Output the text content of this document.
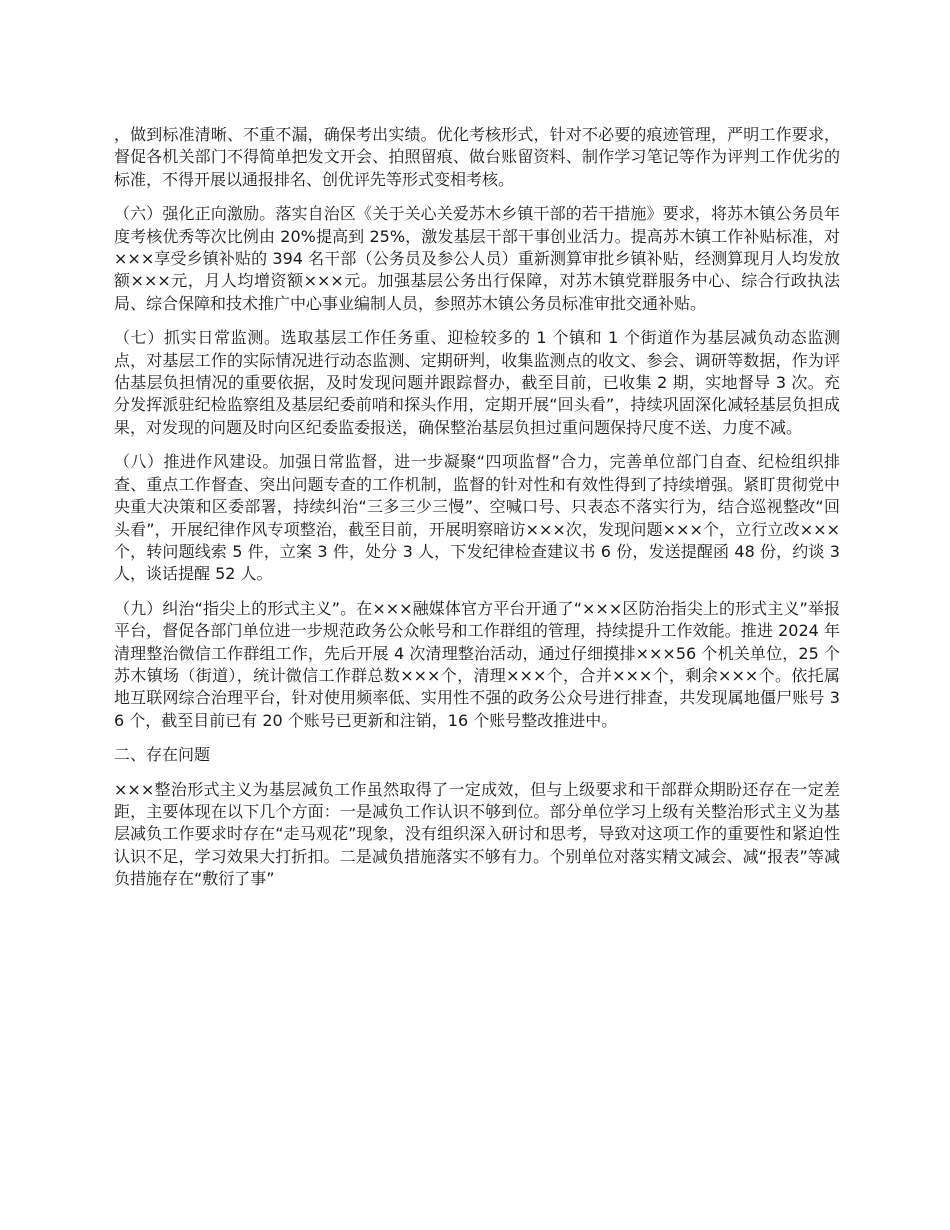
，做到标准清晰、不重不漏，确保考出实绩。优化考核形式，针对不必要的痕迹管理，严明工作要求，督促各机关部门不得简单把发文开会、拍照留痕、做台账留资料、制作学习笔记等作为评判工作优劣的标准，不得开展以通报排名、创优评先等形式变相考核。

（六）强化正向激励。落实自治区《关于关心关爱苏木乡镇干部的若干措施》要求，将苏木镇公务员年度考核优秀等次比例由 20%提高到 25%，激发基层干部干事创业活力。提高苏木镇工作补贴标准，对×××享受乡镇补贴的 394 名干部（公务员及参公人员）重新测算审批乡镇补贴，经测算现月人均发放额×××元，月人均增资额×××元。加强基层公务出行保障，对苏木镇党群服务中心、综合行政执法局、综合保障和技术推广中心事业编制人员，参照苏木镇公务员标准审批交通补贴。

（七）抓实日常监测。选取基层工作任务重、迎检较多的 1 个镇和 1 个街道作为基层减负动态监测点，对基层工作的实际情况进行动态监测、定期研判，收集监测点的收文、参会、调研等数据，作为评估基层负担情况的重要依据，及时发现问题并跟踪督办，截至目前，已收集 2 期，实地督导 3 次。充分发挥派驻纪检监察组及基层纪委前哨和探头作用，定期开展“回头看”，持续巩固深化减轻基层负担成果，对发现的问题及时向区纪委监委报送，确保整治基层负担过重问题保持尺度不送、力度不减。

（八）推进作风建设。加强日常监督，进一步凝聚“四项监督”合力，完善单位部门自查、纪检组织排查、重点工作督查、突出问题专查的工作机制，监督的针对性和有效性得到了持续增强。紧盯贯彻党中央重大决策和区委部署，持续纠治“三多三少三慢”、空喊口号、只表态不落实行为，结合巡视整改“回头看”，开展纪律作风专项整治，截至目前，开展明察暗访×××次，发现问题×××个，立行立改×××个，转问题线索 5 件，立案 3 件，处分 3 人，下发纪律检查建议书 6 份，发送提醒函 48 份，约谈 3 人，谈话提醒 52 人。

（九）纠治“指尖上的形式主义”。在×××融媒体官方平台开通了“×××区防治指尖上的形式主义”举报平台，督促各部门单位进一步规范政务公众帐号和工作群组的管理，持续提升工作效能。推进 2024 年清理整治微信工作群组工作，先后开展 4 次清理整治活动，通过仔细摸排×××56 个机关单位，25 个苏木镇场（街道），统计微信工作群总数×××个，清理×××个，合并×××个，剩余×××个。依托属地互联网综合治理平台，针对使用频率低、实用性不强的政务公众号进行排查，共发现属地僵尸账号 36 个，截至目前已有 20 个账号已更新和注销，16 个账号整改推进中。

二、存在问题

×××整治形式主义为基层减负工作虽然取得了一定成效，但与上级要求和干部群众期盼还存在一定差距，主要体现在以下几个方面：一是减负工作认识不够到位。部分单位学习上级有关整治形式主义为基层减负工作要求时存在“走马观花”现象，没有组织深入研讨和思考，导致对这项工作的重要性和紧迫性认识不足，学习效果大打折扣。二是减负措施落实不够有力。个别单位对落实精文减会、减“报表”等减负措施存在“敷衍了事”
